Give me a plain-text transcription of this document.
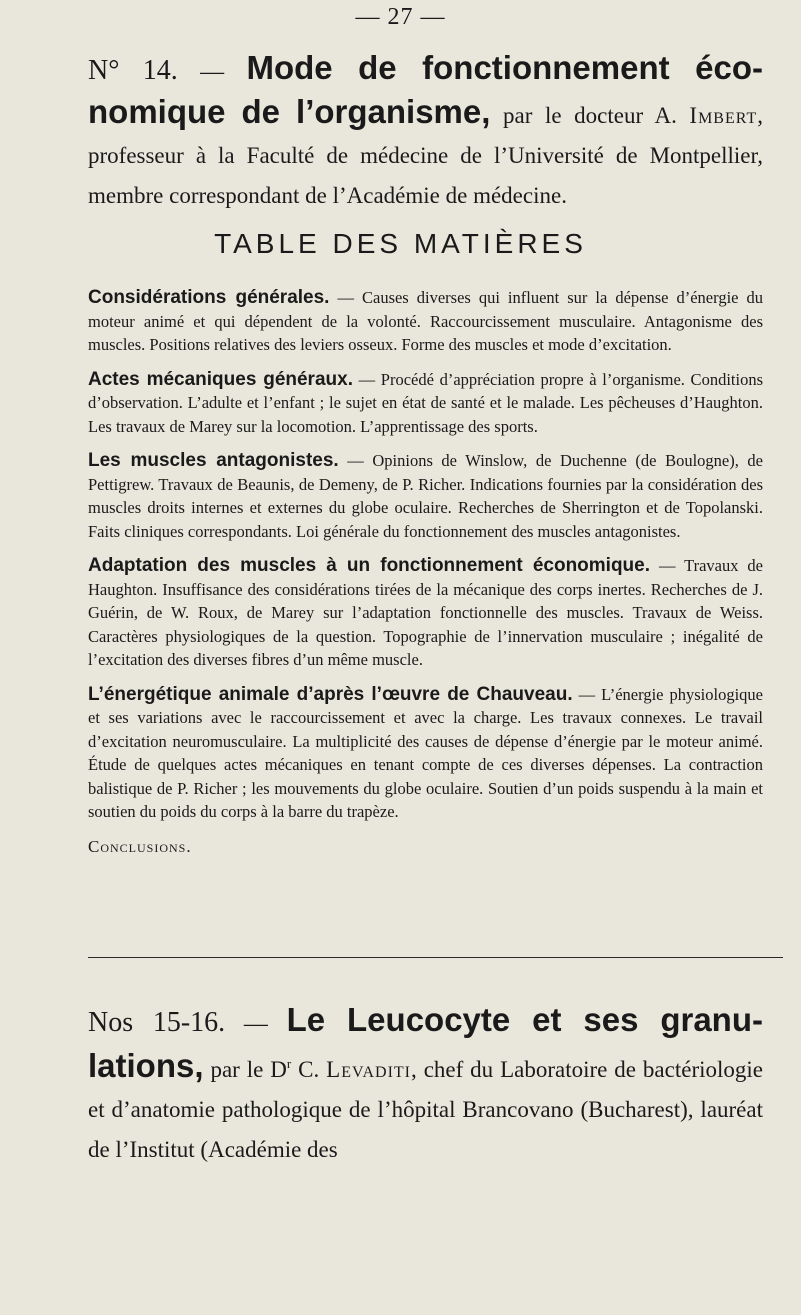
— 27 —
N° 14. — Mode de fonctionnement éco-nomique de l’organisme, par le docteur A. Imbert, professeur à la Faculté de médecine de l’Université de Montpellier, membre correspondant de l’Académie de médecine.
TABLE DES MATIÈRES

Considérations générales. — Causes diverses qui influent sur la dépense d’énergie du moteur animé et qui dépendent de la volonté. Raccourcissement musculaire. Antagonisme des muscles. Positions relatives des leviers osseux. Forme des muscles et mode d’excitation.

Actes mécaniques généraux. — Procédé d’appréciation propre à l’organisme. Conditions d’observation. L’adulte et l’enfant ; le sujet en état de santé et le malade. Les pêcheuses d’Haughton. Les travaux de Marey sur la locomotion. L’apprentissage des sports.

Les muscles antagonistes. — Opinions de Winslow, de Duchenne (de Boulogne), de Pettigrew. Travaux de Beaunis, de Demeny, de P. Richer. Indications fournies par la considération des muscles droits internes et externes du globe oculaire. Recherches de Sherrington et de Topolanski. Faits cliniques correspondants. Loi générale du fonctionnement des muscles antagonistes.

Adaptation des muscles à un fonctionnement économique. — Travaux de Haughton. Insuffisance des considérations tirées de la mécanique des corps inertes. Recherches de J. Guérin, de W. Roux, de Marey sur l’adaptation fonctionnelle des muscles. Travaux de Weiss. Caractères physiologiques de la question. Topographie de l’innervation musculaire ; inégalité de l’excitation des diverses fibres d’un même muscle.

L’énergétique animale d’après l’œuvre de Chauveau. — L’énergie physiologique et ses variations avec le raccourcissement et avec la charge. Les travaux connexes. Le travail d’excitation neuromusculaire. La multiplicité des causes de dépense d’énergie par le moteur animé. Étude de quelques actes mécaniques en tenant compte de ces diverses dépenses. La contraction balistique de P. Richer ; les mouvements du globe oculaire. Soutien d’un poids suspendu à la main et soutien du poids du corps à la barre du trapèze.

Conclusions.

Nos 15-16. — Le Leucocyte et ses granu-lations, par le $D^r$ C. Levaditi, chef du Laboratoire de bactériologie et d’anatomie pathologique de l’hôpital Brancovano (Bucharest), lauréat de l’Institut (Académie des
